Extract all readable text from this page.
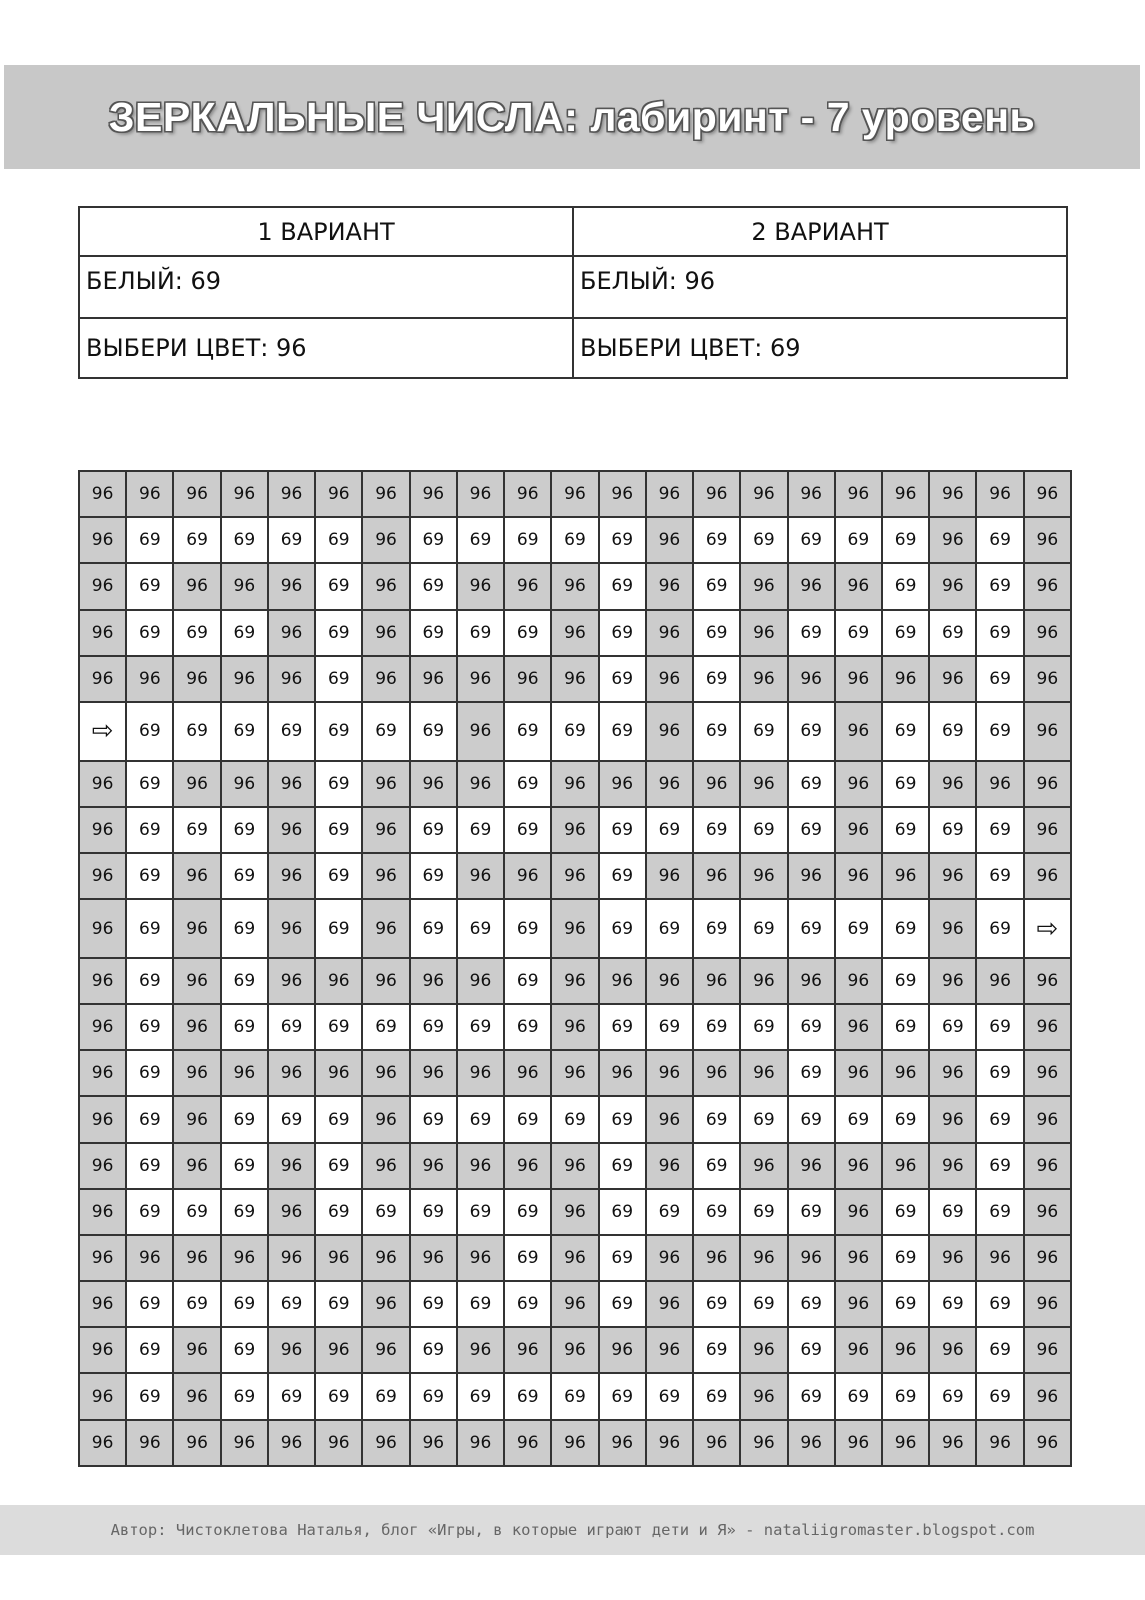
ЗЕРКАЛЬНЫЕ ЧИСЛА: лабиринт - 7 уровень
1 ВАРИАНТ	2 ВАРИАНТ
БЕЛЫЙ: 69	БЕЛЫЙ: 96
ВЫБЕРИ ЦВЕТ: 96	ВЫБЕРИ ЦВЕТ: 69
96	96	96	96	96	96	96	96	96	96	96	96	96	96	96	96	96	96	96	96	96
96	69	69	69	69	69	96	69	69	69	69	69	96	69	69	69	69	69	96	69	96
96	69	96	96	96	69	96	69	96	96	96	69	96	69	96	96	96	69	96	69	96
96	69	69	69	96	69	96	69	69	69	96	69	96	69	96	69	69	69	69	69	96
96	96	96	96	96	69	96	96	96	96	96	69	96	69	96	96	96	96	96	69	96
⇨	69	69	69	69	69	69	69	96	69	69	69	96	69	69	69	96	69	69	69	96
96	69	96	96	96	69	96	96	96	69	96	96	96	96	96	69	96	69	96	96	96
96	69	69	69	96	69	96	69	69	69	96	69	69	69	69	69	96	69	69	69	96
96	69	96	69	96	69	96	69	96	96	96	69	96	96	96	96	96	96	96	69	96
96	69	96	69	96	69	96	69	69	69	96	69	69	69	69	69	69	69	96	69	⇨
96	69	96	69	96	96	96	96	96	69	96	96	96	96	96	96	96	69	96	96	96
96	69	96	69	69	69	69	69	69	69	96	69	69	69	69	69	96	69	69	69	96
96	69	96	96	96	96	96	96	96	96	96	96	96	96	96	69	96	96	96	69	96
96	69	96	69	69	69	96	69	69	69	69	69	96	69	69	69	69	69	96	69	96
96	69	96	69	96	69	96	96	96	96	96	69	96	69	96	96	96	96	96	69	96
96	69	69	69	96	69	69	69	69	69	96	69	69	69	69	69	96	69	69	69	96
96	96	96	96	96	96	96	96	96	69	96	69	96	96	96	96	96	69	96	96	96
96	69	69	69	69	69	96	69	69	69	96	69	96	69	69	69	96	69	69	69	96
96	69	96	69	96	96	96	69	96	96	96	96	96	69	96	69	96	96	96	69	96
96	69	96	69	69	69	69	69	69	69	69	69	69	69	96	69	69	69	69	69	96
96	96	96	96	96	96	96	96	96	96	96	96	96	96	96	96	96	96	96	96	96
Автор: Чистоклетова Наталья, блог «Игры, в которые играют дети и Я» - nataliigromaster.blogspot.com
